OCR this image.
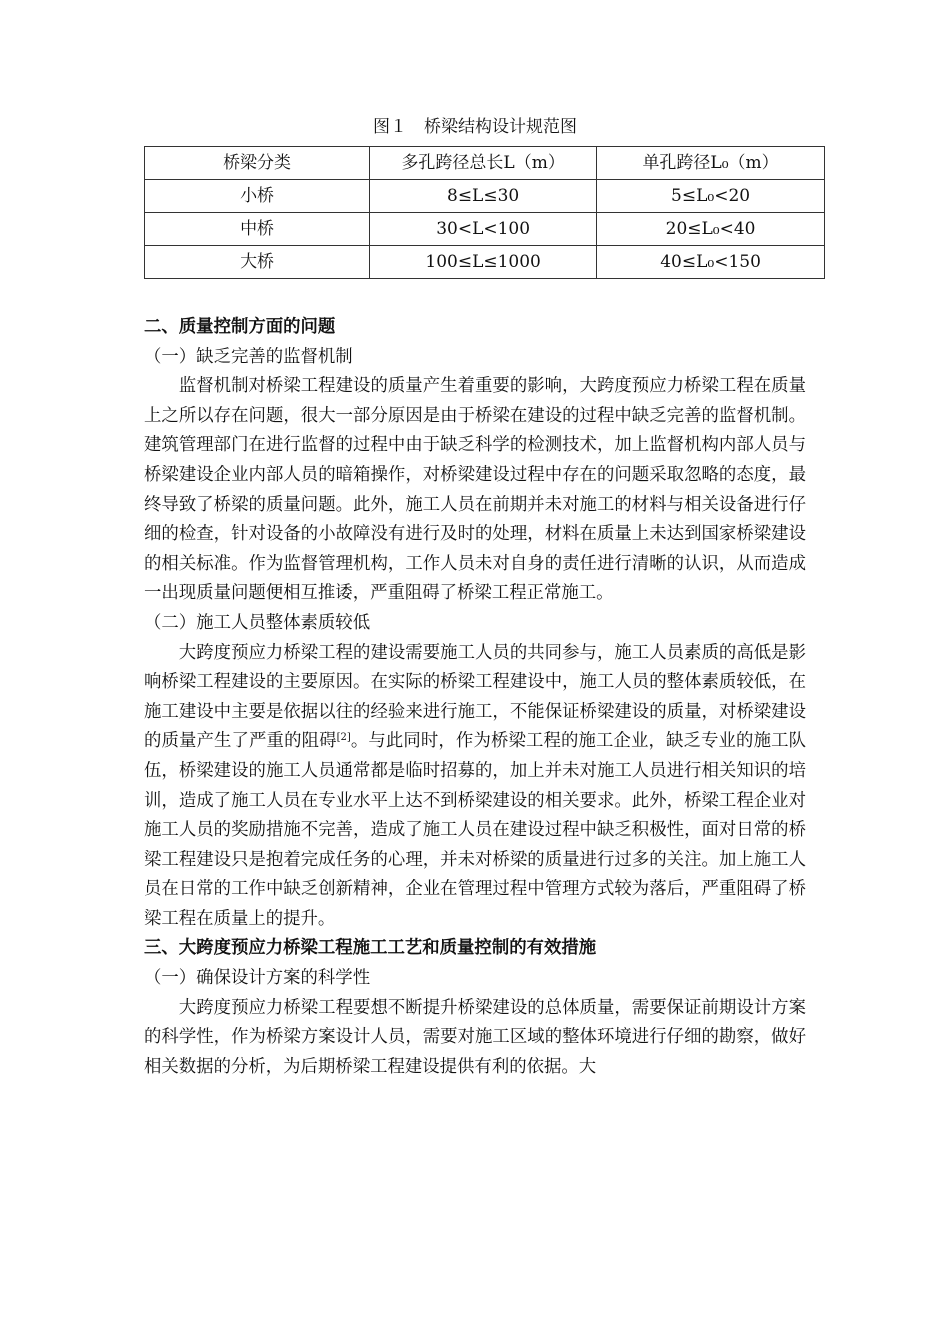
图１　桥梁结构设计规范图
桥梁分类	多孔跨径总长L（m）	单孔跨径L₀（m）
小桥	8≤L≤30	5≤L₀<20
中桥	30<L<100	20≤L₀<40
大桥	100≤L≤1000	40≤L₀<150

二、质量控制方面的问题

（一）缺乏完善的监督机制

监督机制对桥梁工程建设的质量产生着重要的影响，大跨度预应力桥梁工程在质量上之所以存在问题，很大一部分原因是由于桥梁在建设的过程中缺乏完善的监督机制。建筑管理部门在进行监督的过程中由于缺乏科学的检测技术，加上监督机构内部人员与桥梁建设企业内部人员的暗箱操作，对桥梁建设过程中存在的问题采取忽略的态度，最终导致了桥梁的质量问题。此外，施工人员在前期并未对施工的材料与相关设备进行仔细的检查，针对设备的小故障没有进行及时的处理，材料在质量上未达到国家桥梁建设的相关标准。作为监督管理机构，工作人员未对自身的责任进行清晰的认识，从而造成一出现质量问题便相互推诿，严重阻碍了桥梁工程正常施工。

（二）施工人员整体素质较低

大跨度预应力桥梁工程的建设需要施工人员的共同参与，施工人员素质的高低是影响桥梁工程建设的主要原因。在实际的桥梁工程建设中，施工人员的整体素质较低，在施工建设中主要是依据以往的经验来进行施工，不能保证桥梁建设的质量，对桥梁建设的质量产生了严重的阻碍[2]。与此同时，作为桥梁工程的施工企业，缺乏专业的施工队伍，桥梁建设的施工人员通常都是临时招募的，加上并未对施工人员进行相关知识的培训，造成了施工人员在专业水平上达不到桥梁建设的相关要求。此外，桥梁工程企业对施工人员的奖励措施不完善，造成了施工人员在建设过程中缺乏积极性，面对日常的桥梁工程建设只是抱着完成任务的心理，并未对桥梁的质量进行过多的关注。加上施工人员在日常的工作中缺乏创新精神，企业在管理过程中管理方式较为落后，严重阻碍了桥梁工程在质量上的提升。

三、大跨度预应力桥梁工程施工工艺和质量控制的有效措施

（一）确保设计方案的科学性

大跨度预应力桥梁工程要想不断提升桥梁建设的总体质量，需要保证前期设计方案的科学性，作为桥梁方案设计人员，需要对施工区域的整体环境进行仔细的勘察，做好相关数据的分析，为后期桥梁工程建设提供有利的依据。大
